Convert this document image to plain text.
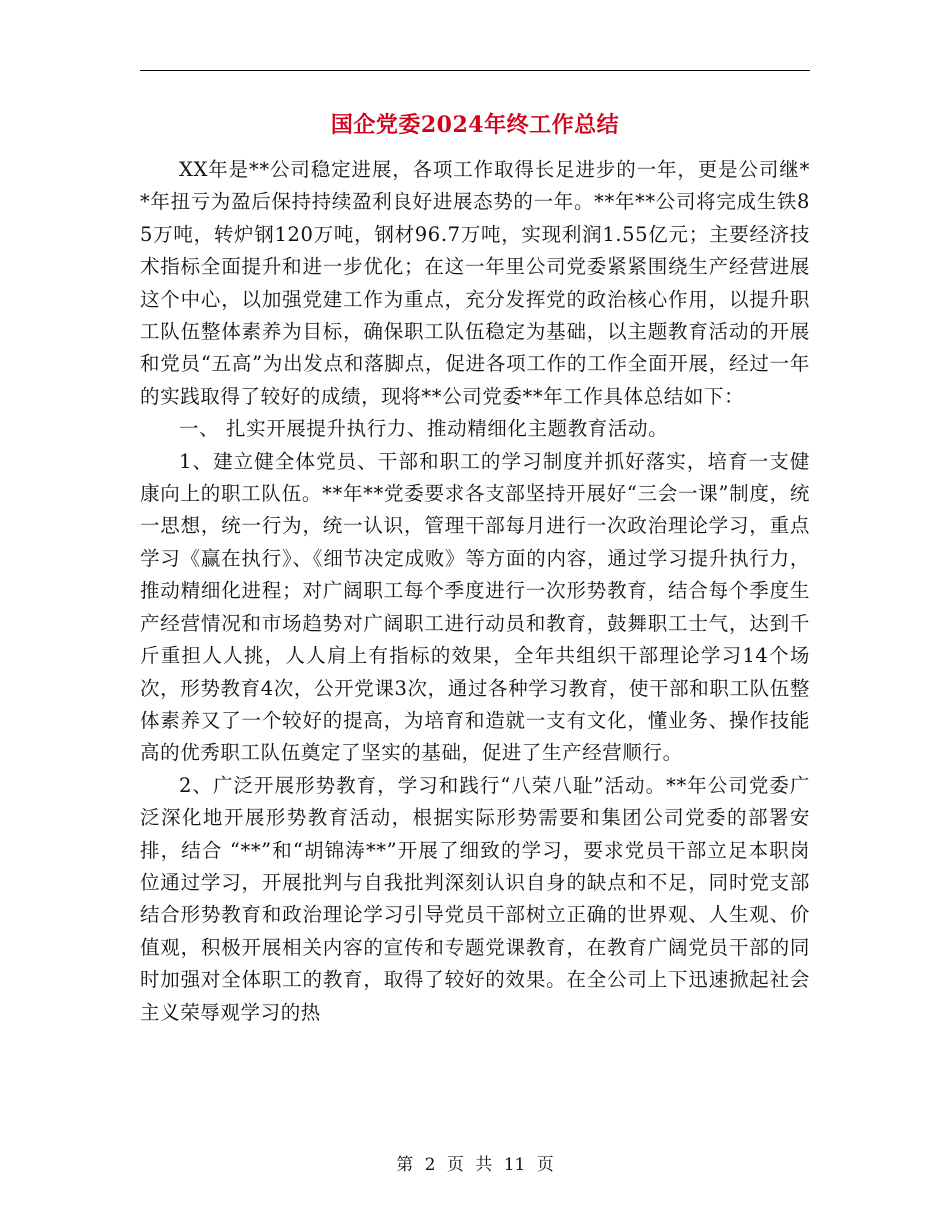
国企党委2024年终工作总结

XX年是**公司稳定进展，各项工作取得长足进步的一年，更是公司继**年扭亏为盈后保持持续盈利良好进展态势的一年。**年**公司将完成生铁85万吨，转炉钢120万吨，钢材96.7万吨，实现利润1.55亿元；主要经济技术指标全面提升和进一步优化；在这一年里公司党委紧紧围绕生产经营进展这个中心，以加强党建工作为重点，充分发挥党的政治核心作用，以提升职工队伍整体素养为目标，确保职工队伍稳定为基础，以主题教育活动的开展和党员“五高”为出发点和落脚点，促进各项工作的工作全面开展，经过一年的实践取得了较好的成绩，现将**公司党委**年工作具体总结如下：

一、 扎实开展提升执行力、推动精细化主题教育活动。

1、建立健全体党员、干部和职工的学习制度并抓好落实，培育一支健康向上的职工队伍。**年**党委要求各支部坚持开展好“三会一课”制度，统一思想，统一行为，统一认识，管理干部每月进行一次政治理论学习，重点学习《赢在执行》、《细节决定成败》等方面的内容，通过学习提升执行力，推动精细化进程；对广阔职工每个季度进行一次形势教育，结合每个季度生产经营情况和市场趋势对广阔职工进行动员和教育，鼓舞职工士气，达到千斤重担人人挑，人人肩上有指标的效果，全年共组织干部理论学习14个场次，形势教育4次，公开党课3次，通过各种学习教育，使干部和职工队伍整体素养又了一个较好的提高，为培育和造就一支有文化，懂业务、操作技能高的优秀职工队伍奠定了坚实的基础，促进了生产经营顺行。

2、广泛开展形势教育，学习和践行“八荣八耻”活动。**年公司党委广泛深化地开展形势教育活动，根据实际形势需要和集团公司党委的部署安排，结合 “**”和“胡锦涛**”开展了细致的学习，要求党员干部立足本职岗位通过学习，开展批判与自我批判深刻认识自身的缺点和不足，同时党支部结合形势教育和政治理论学习引导党员干部树立正确的世界观、人生观、价值观，积极开展相关内容的宣传和专题党课教育，在教育广阔党员干部的同时加强对全体职工的教育，取得了较好的效果。在全公司上下迅速掀起社会主义荣辱观学习的热

第 2 页 共 11 页
